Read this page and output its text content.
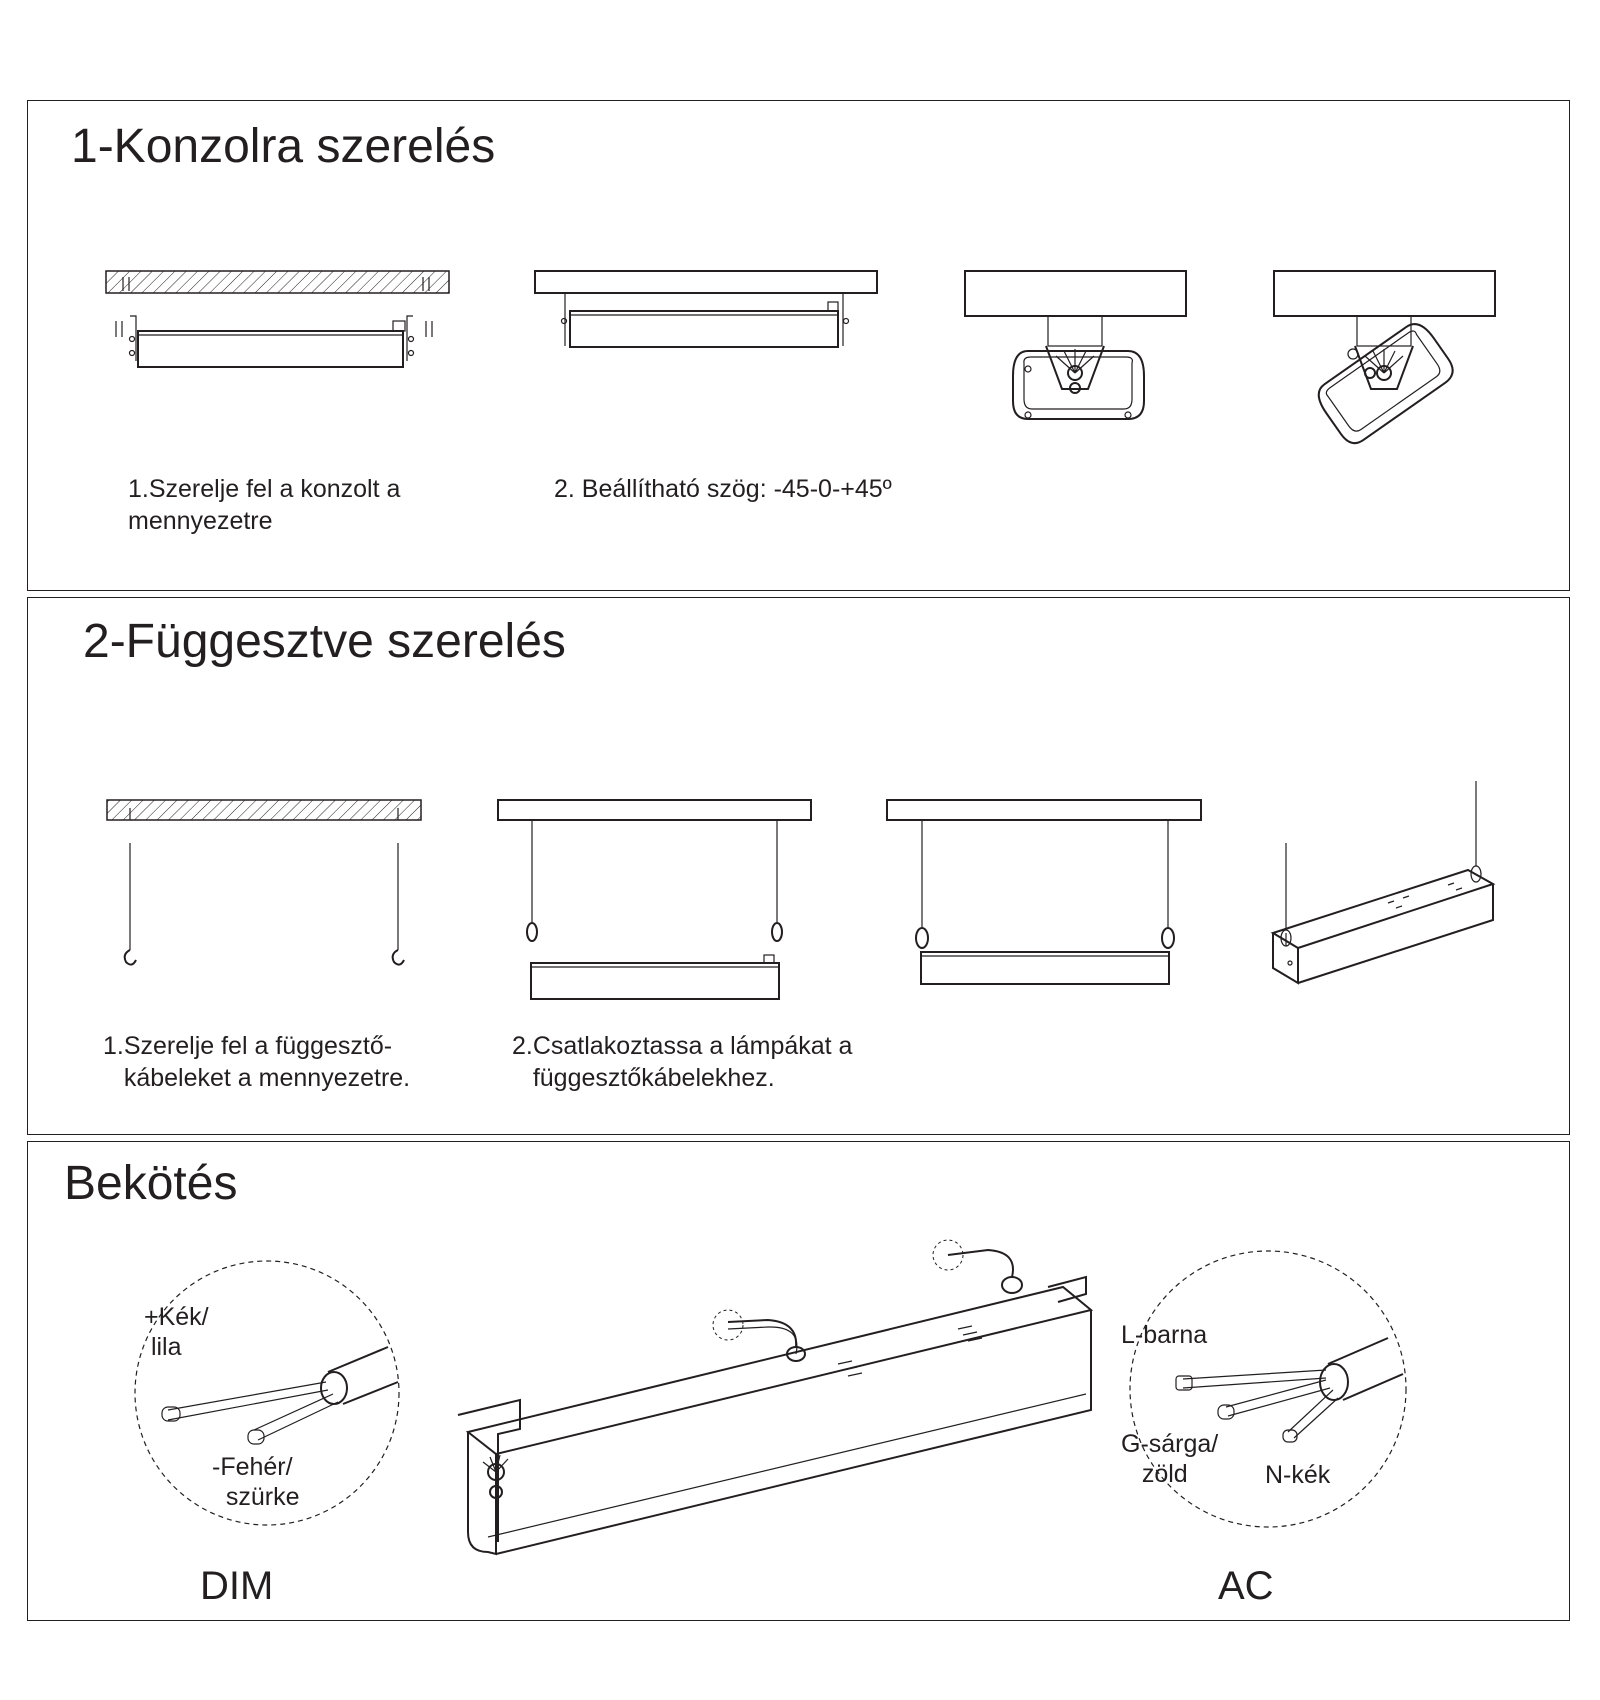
1-Konzolra szerelés
1.Szerelje fel a konzolt a
mennyezetre
2. Beállítható szög: -45-0-+45º
2-Függesztve szerelés
1.Szerelje fel a függesztő-
kábeleket a mennyezetre.
2.Csatlakoztassa a lámpákat a
függesztőkábelekhez.
Bekötés
+Kék/
lila
-Fehér/
szürke
DIM
L-barna
G-sárga/
zöld	N-kék
AC
